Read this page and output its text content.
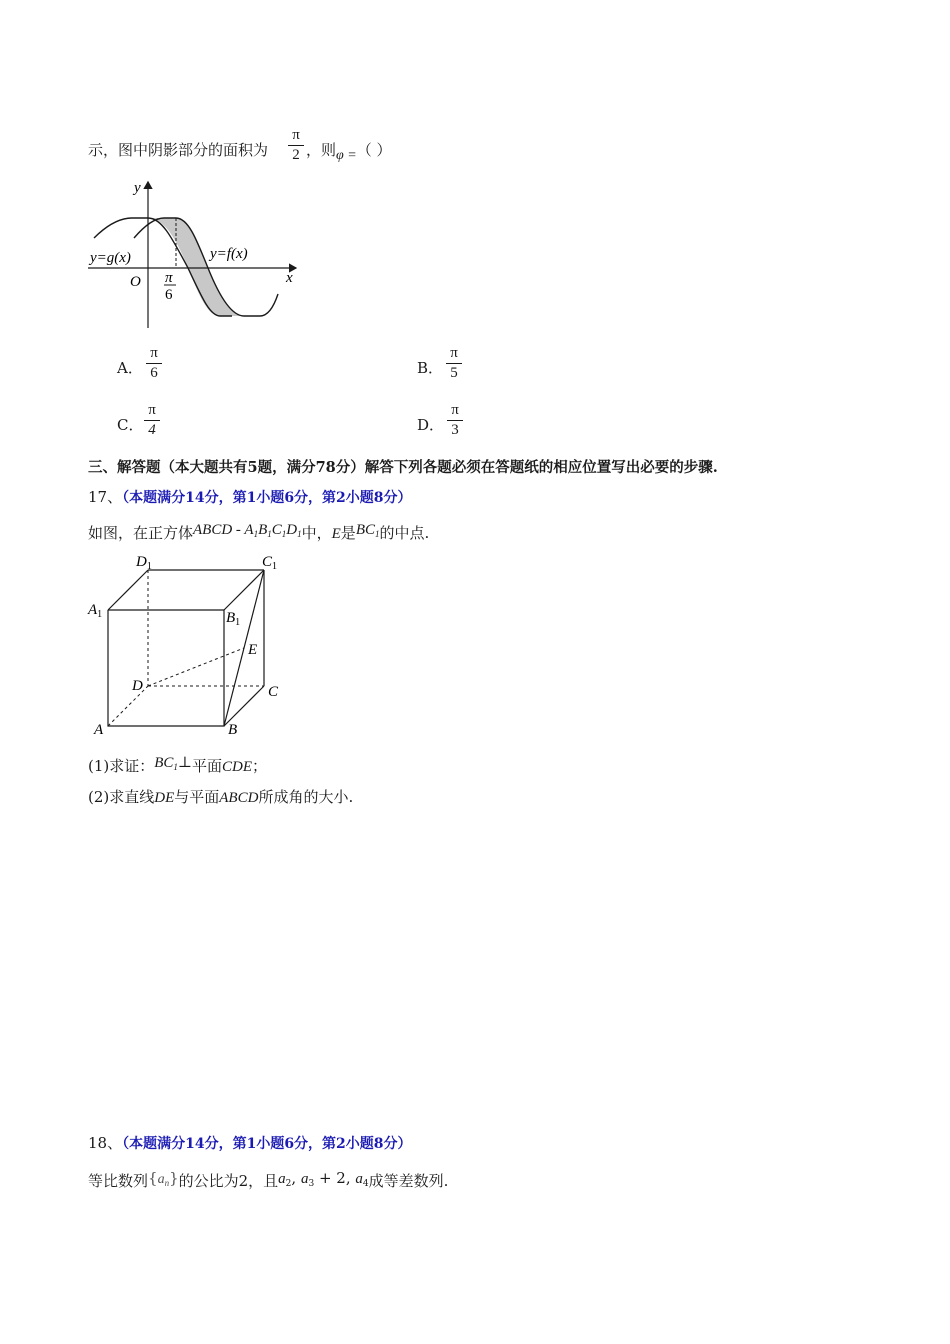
示，图中阴影部分的面积为
π
2 ，则φ =（ ）
y
x
O
y=g(x)	y=f(x)
π
6
A．
π
6	B．
π
5
C．
π
4	D．
π
3
三、解答题（本大题共有5题，满分78分）解答下列各题必须在答题纸的相应位置写出必要的步骤.
17、（本题满分14分，第1小题6分，第2小题8分）
如图，在正方体ABCD - $A_1B_1C_1D_1$中，E是$BC_1$的中点.
$D_1$	$C_1$
$A_1$	$B_1$
E
D	C
A	B
(1)求证：$BC_1\perp$平面CDE；
(2)求直线DE与平面ABCD所成角的大小.
18、（本题满分14分，第1小题6分，第2小题8分）
等比数列$\{a_n\}$的公比为2，且$a_2$, $a_3 + 2$, $a_4$成等差数列.
